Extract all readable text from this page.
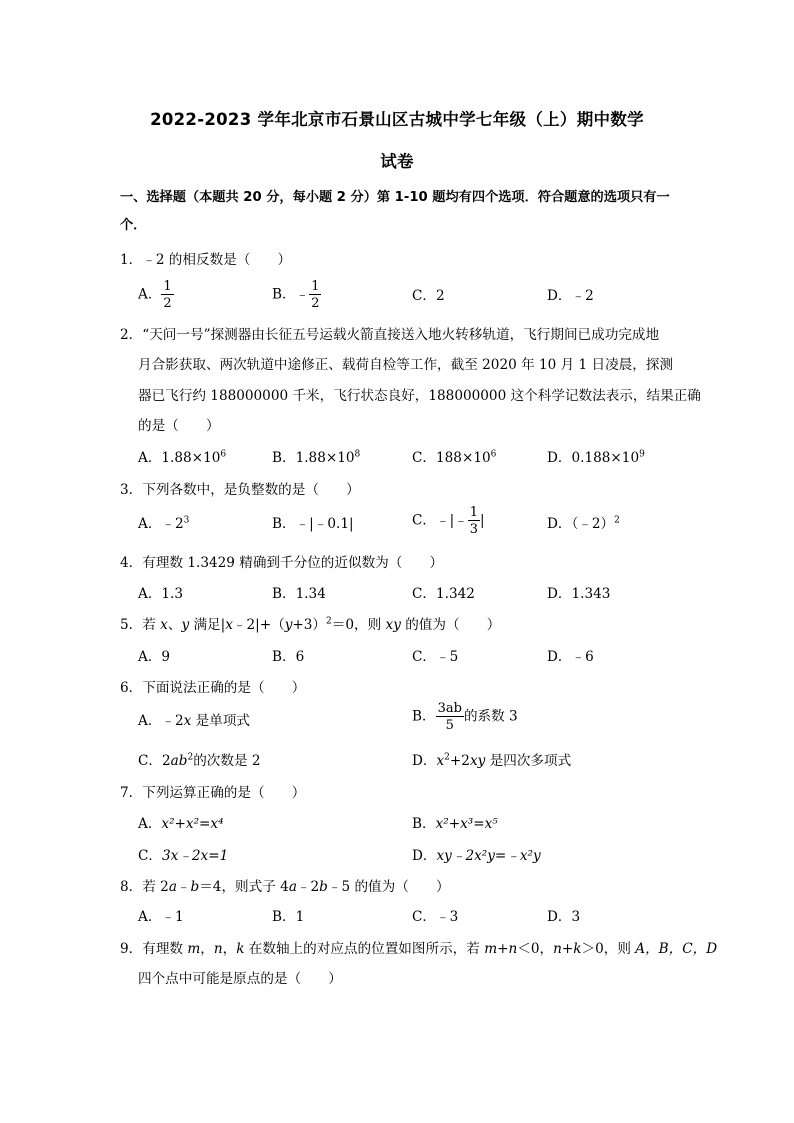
2022-2023 学年北京市石景山区古城中学七年级（上）期中数学
试卷
一、选择题（本题共 20 分，每小题 2 分）第 1-10 题均有四个选项．符合题意的选项只有一
个．
1．﹣2 的相反数是（　　）
A． $\frac{1}{2}$	B．﹣ $\frac{1}{2}$	C．2	D．﹣2
2．“天问一号”探测器由长征五号运载火箭直接送入地火转移轨道，飞行期间已成功完成地
月合影获取、两次轨道中途修正、载荷自检等工作，截至 2020 年 10 月 1 日凌晨，探测
器已飞行约 188000000 千米，飞行状态良好，188000000 这个科学记数法表示，结果正确
的是（　　）
A．$1.88\times 10^6$	B．$1.88\times 10^8$	C．$188\times 10^6$	D．$0.188\times 10^9$
3．下列各数中，是负整数的是（　　）
A．$﹣2^3$	B．﹣|﹣0.1|	C．﹣|﹣ $\frac{1}{3}$ |	D．（﹣2）$^2$
4．有理数 1.3429 精确到千分位的近似数为（　　）
A．1.3	B．1.34	C．1.342	D．1.343
5．若 x、y 满足$|x﹣2|+(y+3)^2=0$，则 xy 的值为（　　）
A．9	B．6	C．﹣5	D．﹣6
6．下面说法正确的是（　　）
A．﹣2x 是单项式	B． $\frac{3ab}{5}$ 的系数 3
C．$2ab^2$的次数是 2	D．$x^2+2xy$ 是四次多项式
7．下列运算正确的是（　　）
A．x²+x²=x⁴	B．x²+x³=x⁵
C．3x﹣2x=1	D．xy﹣2x²y=﹣x²y
8．若 2a﹣b＝4，则式子 4a﹣2b﹣5 的值为（　　）
A．﹣1	B．1	C．﹣3	D．3
9．有理数 m，n，k 在数轴上的对应点的位置如图所示，若 m+n＜0，n+k＞0，则 A，B，C，D
四个点中可能是原点的是（　　）
